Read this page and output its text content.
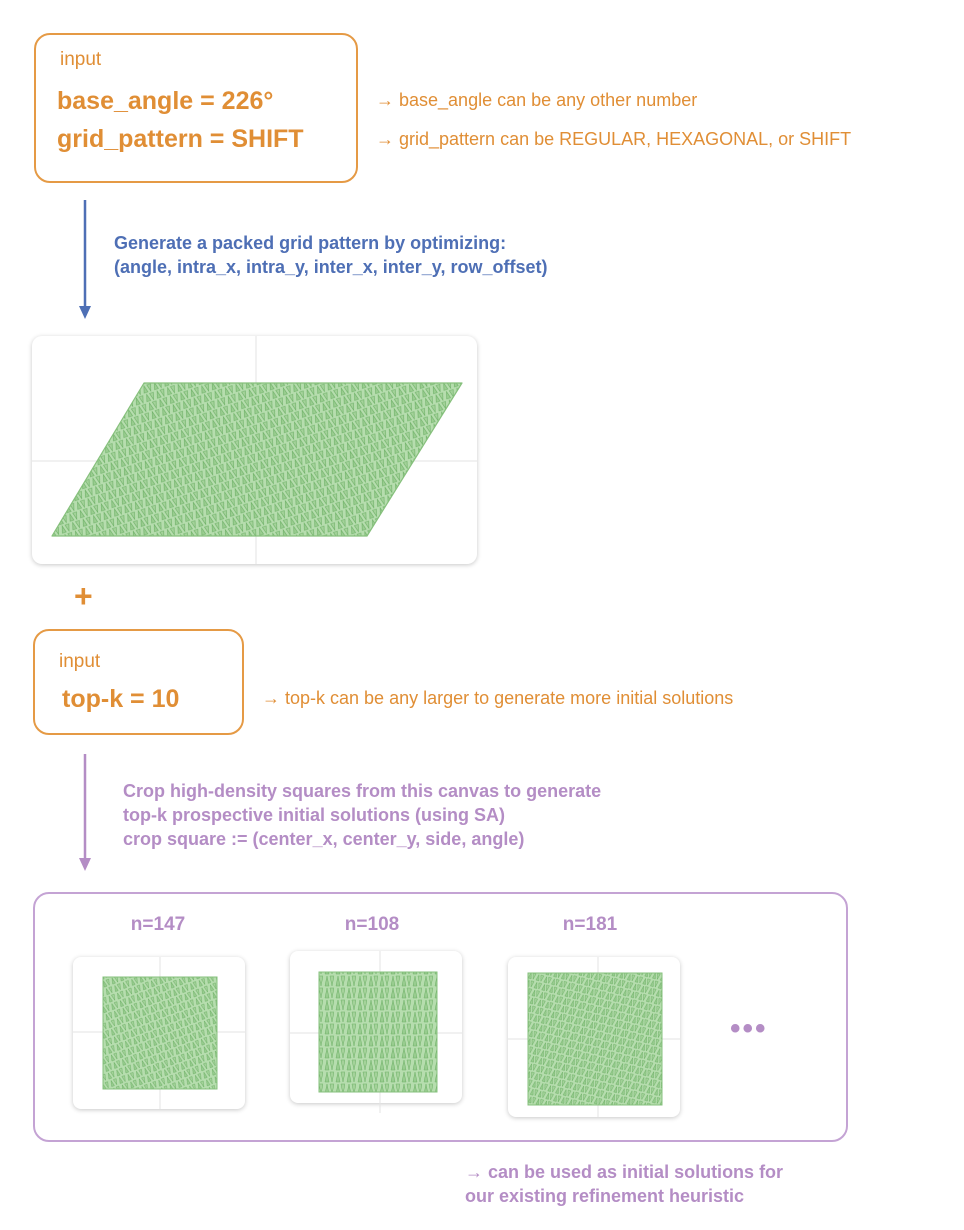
input
base_angle = 226°
grid_pattern = SHIFT
→ base_angle can be any other number
→ grid_pattern can be REGULAR, HEXAGONAL, or SHIFT
Generate a packed grid pattern by optimizing:
(angle, intra_x, intra_y, inter_x, inter_y, row_offset)
+
input
top-k = 10	→ top-k can be any larger to generate more initial solutions
Crop high-density squares from this canvas to generate
top-k prospective initial solutions (using SA)
crop square := (center_x, center_y, side, angle)
n=147	n=108	n=181
•••
→ can be used as initial solutions for
our existing refinement heuristic
